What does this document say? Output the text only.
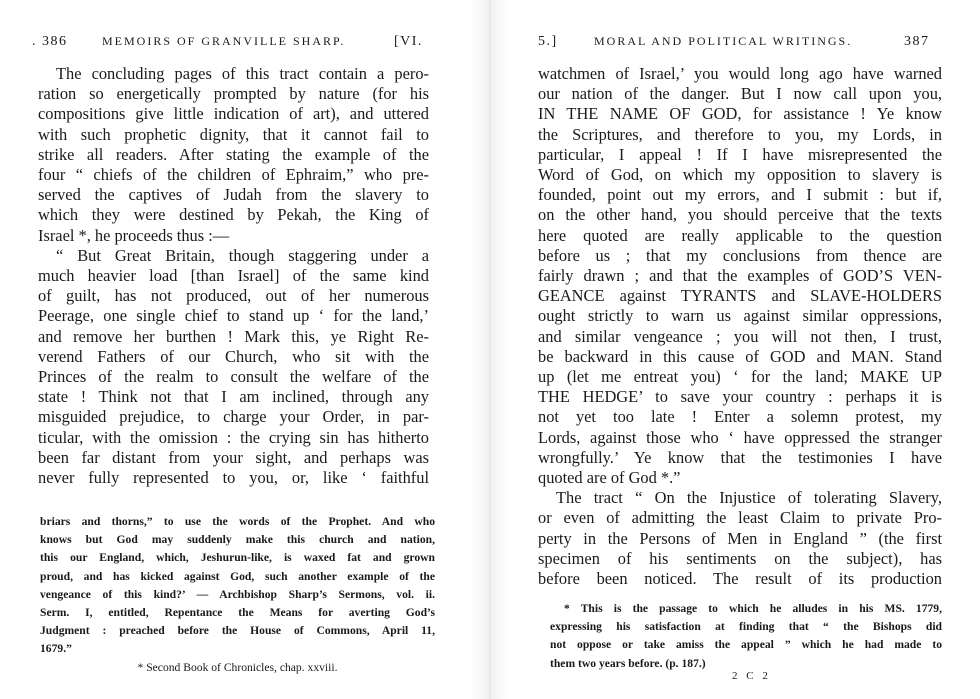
. 386	MEMOIRS OF GRANVILLE SHARP.	[VI.
The concluding pages of this tract contain a pero-
ration so energetically prompted by nature (for his
compositions give little indication of art), and uttered
with such prophetic dignity, that it cannot fail to
strike all readers. After stating the example of the
four “ chiefs of the children of Ephraim,” who pre-
served the captives of Judah from the slavery to
which they were destined by Pekah, the King of
Israel *, he proceeds thus :—
“ But Great Britain, though staggering under a
much heavier load [than Israel] of the same kind
of guilt, has not produced, out of her numerous
Peerage, one single chief to stand up ‘ for the land,’
and remove her burthen ! Mark this, ye Right Re-
verend Fathers of our Church, who sit with the
Princes of the realm to consult the welfare of the
state ! Think not that I am inclined, through any
misguided prejudice, to charge your Order, in par-
ticular, with the omission : the crying sin has hitherto
been far distant from your sight, and perhaps was
never fully represented to you, or, like ‘ faithful
briars and thorns,” to use the words of the Prophet. And who
knows but God may suddenly make this church and nation,
this our England, which, Jeshurun-like, is waxed fat and grown
proud, and has kicked against God, such another example of the
vengeance of this kind?’ — Archbishop Sharp’s Sermons, vol. ii.
Serm. I, entitled, Repentance the Means for averting God’s
Judgment : preached before the House of Commons, April 11,
1679.”
* Second Book of Chronicles, chap. xxviii.
5.]	MORAL AND POLITICAL WRITINGS.	387
watchmen of Israel,’ you would long ago have warned
our nation of the danger. But I now call upon you,
IN THE NAME OF GOD, for assistance ! Ye know
the Scriptures, and therefore to you, my Lords, in
particular, I appeal ! If I have misrepresented the
Word of God, on which my opposition to slavery is
founded, point out my errors, and I submit : but if,
on the other hand, you should perceive that the texts
here quoted are really applicable to the question
before us ; that my conclusions from thence are
fairly drawn ; and that the examples of GOD’S VEN-
GEANCE against TYRANTS and SLAVE-HOLDERS
ought strictly to warn us against similar oppressions,
and similar vengeance ; you will not then, I trust,
be backward in this cause of GOD and MAN. Stand
up (let me entreat you) ‘ for the land; MAKE UP
THE HEDGE’ to save your country : perhaps it is
not yet too late ! Enter a solemn protest, my
Lords, against those who ‘ have oppressed the stranger
wrongfully.’ Ye know that the testimonies I have
quoted are of God *.”
The tract “ On the Injustice of tolerating Slavery,
or even of admitting the least Claim to private Pro-
perty in the Persons of Men in England ” (the first
specimen of his sentiments on the subject), has
before been noticed. The result of its production
* This is the passage to which he alludes in his MS. 1779,
expressing his satisfaction at finding that “ the Bishops did
not oppose or take amiss the appeal ” which he had made to
them two years before. (p. 187.)
2 C 2
